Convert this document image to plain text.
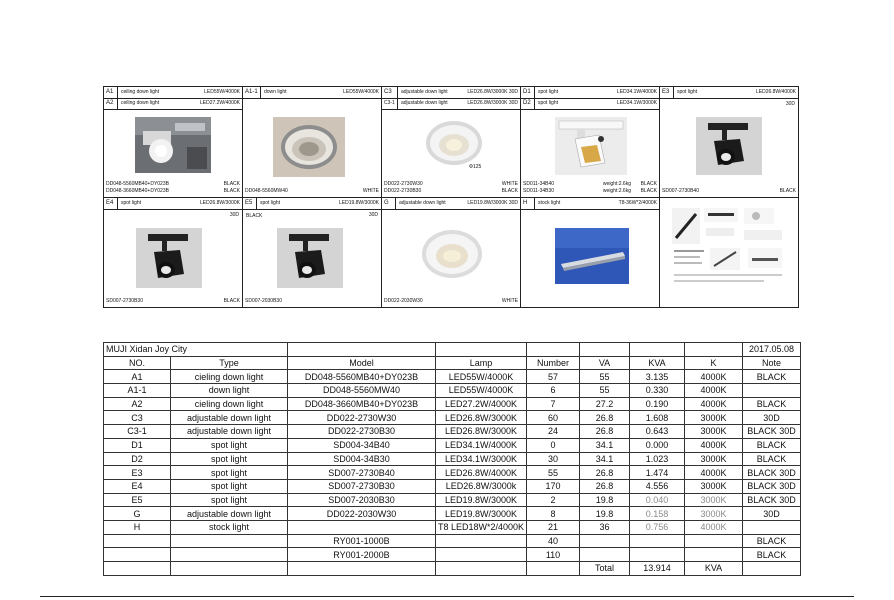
A1 ceiling down light	LED55W/4000K
A2 ceiling down light	LED27.2W/4000K
DD048-5560MB40+DY023B	BLACK
DD048-3660MB40+DY023B	BLACK
A1-1 down light	LED55W/4000K
DD048-5560MW40	WHITE
C3 adjustable down light	LED26.8W/3000K 30D
C3-1 adjustable down light	LED26.8W/3000K 30D
Φ125
DD022-2730W30	WHITE
DD022-2730B30	BLACK
D1 spot light	LED34.1W/4000K
D2 spot light	LED34.1W/3000K
SD011-34B40	weight:2.6kg BLACK
SD011-34B30	weight:2.6kg BLACK
E3 spot light	LED26.8W/4000K
30D
SD007-2730B40	BLACK
E4 spot light	LED26.8W/3000K
30D
SD007-2730B30	BLACK
E5 spot light	LED19.8W/3000K
BLACK	30D
SD007-2030B30
G adjustable down light	LED19.8W/3000K 30D
DD022-2030W30	WHITE
H stock light	T8-36W*2/4000K
MUJI Xidan Joy City								2017.05.08
NO.	Type	Model	Lamp	Number	VA	KVA	K	Note
A1	cieling down light	DD048-5560MB40+DY023B	LED55W/4000K	57	55	3.135	4000K	BLACK
A1-1	down light	DD048-5560MW40	LED55W/4000K	6	55	0.330	4000K	
A2	cieling down light	DD048-3660MB40+DY023B	LED27.2W/4000K	7	27.2	0.190	4000K	BLACK
C3	adjustable down light	DD022-2730W30	LED26.8W/3000K	60	26.8	1.608	3000K	30D
C3-1	adjustable down light	DD022-2730B30	LED26.8W/3000K	24	26.8	0.643	3000K	BLACK 30D
D1	spot light	SD004-34B40	LED34.1W/4000K	0	34.1	0.000	4000K	BLACK
D2	spot light	SD004-34B30	LED34.1W/3000K	30	34.1	1.023	3000K	BLACK
E3	spot light	SD007-2730B40	LED26.8W/4000K	55	26.8	1.474	4000K	BLACK 30D
E4	spot light	SD007-2730B30	LED26.8W/3000k	170	26.8	4.556	3000K	BLACK 30D
E5	spot light	SD007-2030B30	LED19.8W/3000K	2	19.8	0.040	3000K	BLACK 30D
G	adjustable down light	DD022-2030W30	LED19.8W/3000K	8	19.8	0.158	3000K	30D
H	stock light		T8 LED18W*2/4000K	21	36	0.756	4000K	
		RY001-1000B		40				BLACK
		RY001-2000B		110				BLACK
					Total	13.914	KVA	
